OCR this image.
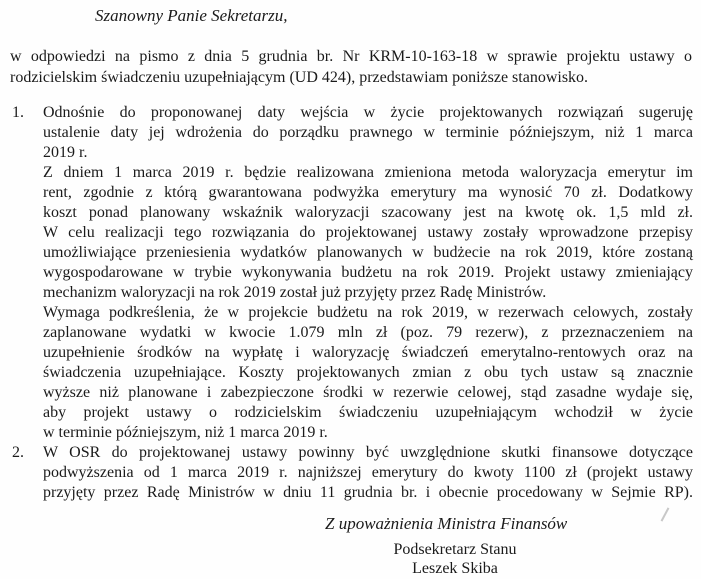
Szanowny Panie Sekretarzu,
w odpowiedzi na pismo z dnia 5 grudnia br. Nr KRM-10-163-18 w sprawie projektu ustawy o
rodzicielskim świadczeniu uzupełniającym (UD 424), przedstawiam poniższe stanowisko.
1.	Odnośnie do proponowanej daty wejścia w życie projektowanych rozwiązań sugeruję
ustalenie daty jej wdrożenia do porządku prawnego w terminie późniejszym, niż 1 marca
2019 r.
Z dniem 1 marca 2019 r. będzie realizowana zmieniona metoda waloryzacja emerytur im
rent, zgodnie z którą gwarantowana podwyżka emerytury ma wynosić 70 zł. Dodatkowy
koszt ponad planowany wskaźnik waloryzacji szacowany jest na kwotę ok. 1,5 mld zł.
W celu realizacji tego rozwiązania do projektowanej ustawy zostały wprowadzone przepisy
umożliwiające przeniesienia wydatków planowanych w budżecie na rok 2019, które zostaną
wygospodarowane w trybie wykonywania budżetu na rok 2019. Projekt ustawy zmieniający
mechanizm waloryzacji na rok 2019 został już przyjęty przez Radę Ministrów.
Wymaga podkreślenia, że w projekcie budżetu na rok 2019, w rezerwach celowych, zostały
zaplanowane wydatki w kwocie 1.079 mln zł (poz. 79 rezerw), z przeznaczeniem na
uzupełnienie środków na wypłatę i waloryzację świadczeń emerytalno-rentowych oraz na
świadczenia uzupełniające. Koszty projektowanych zmian z obu tych ustaw są znacznie
wyższe niż planowane i zabezpieczone środki w rezerwie celowej, stąd zasadne wydaje się,
aby projekt ustawy o rodzicielskim świadczeniu uzupełniającym wchodził w życie
w terminie późniejszym, niż 1 marca 2019 r.
2.	W OSR do projektowanej ustawy powinny być uwzględnione skutki finansowe dotyczące
podwyższenia od 1 marca 2019 r. najniższej emerytury do kwoty 1100 zł (projekt ustawy
przyjęty przez Radę Ministrów w dniu 11 grudnia br. i obecnie procedowany w Sejmie RP).
Z upoważnienia Ministra Finansów
Podsekretarz Stanu
Leszek Skiba
